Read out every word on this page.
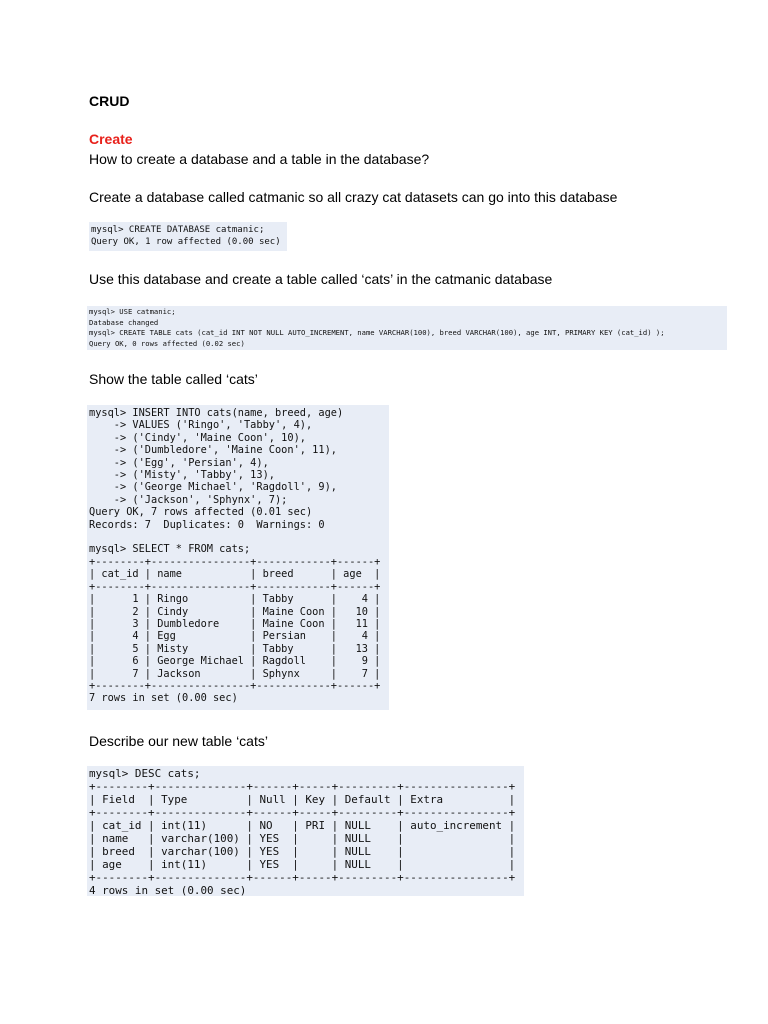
CRUD
Create
How to create a database and a table in the database?
Create a database called catmanic so all crazy cat datasets can go into this database
mysql> CREATE DATABASE catmanic;
Query OK, 1 row affected (0.00 sec)
Use this database and create a table called ‘cats’ in the catmanic database
mysql> USE catmanic;
Database changed
mysql> CREATE TABLE cats (cat_id INT NOT NULL AUTO_INCREMENT, name VARCHAR(100), breed VARCHAR(100), age INT, PRIMARY KEY (cat_id) );
Query OK, 0 rows affected (0.02 sec)
Show the table called ‘cats’
mysql> INSERT INTO cats(name, breed, age)
-> VALUES ('Ringo', 'Tabby', 4),
-> ('Cindy', 'Maine Coon', 10),
-> ('Dumbledore', 'Maine Coon', 11),
-> ('Egg', 'Persian', 4),
-> ('Misty', 'Tabby', 13),
-> ('George Michael', 'Ragdoll', 9),
-> ('Jackson', 'Sphynx', 7);
Query OK, 7 rows affected (0.01 sec)
Records: 7  Duplicates: 0  Warnings: 0

mysql> SELECT * FROM cats;
+--------+----------------+------------+------+
| cat_id | name           | breed      | age  |
+--------+----------------+------------+------+
|      1 | Ringo          | Tabby      |    4 |
|      2 | Cindy          | Maine Coon |   10 |
|      3 | Dumbledore     | Maine Coon |   11 |
|      4 | Egg            | Persian    |    4 |
|      5 | Misty          | Tabby      |   13 |
|      6 | George Michael | Ragdoll    |    9 |
|      7 | Jackson        | Sphynx     |    7 |
+--------+----------------+------------+------+
7 rows in set (0.00 sec)
Describe our new table ‘cats’
mysql> DESC cats;
+--------+--------------+------+-----+---------+----------------+
| Field  | Type         | Null | Key | Default | Extra          |
+--------+--------------+------+-----+---------+----------------+
| cat_id | int(11)      | NO   | PRI | NULL    | auto_increment |
| name   | varchar(100) | YES  |     | NULL    |                |
| breed  | varchar(100) | YES  |     | NULL    |                |
| age    | int(11)      | YES  |     | NULL    |                |
+--------+--------------+------+-----+---------+----------------+
4 rows in set (0.00 sec)
